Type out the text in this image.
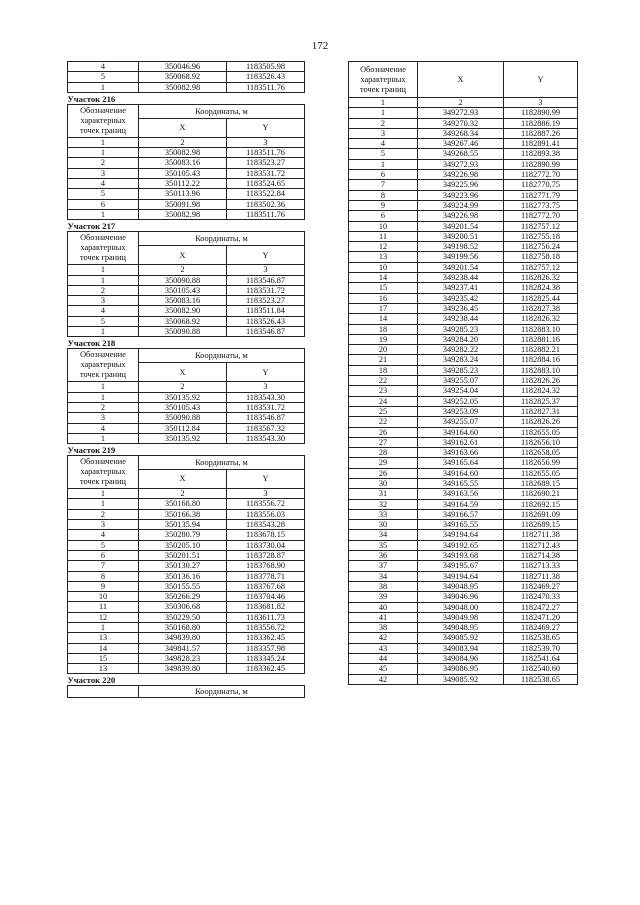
172
4	350046.96	1183505.98
5	350068.92	1183526.43
1	350082.98	1183511.76
Участок 216		
Обозначение характерных точек границ	Координаты, м	
	X	Y
1	2	3
1	350082.98	1183511.76
2	350083.16	1183523.27
3	350105.43	1183531.72
4	350112.22	1183524.65
5	350113.96	1183522.84
6	350091.98	1183502.36
1	350082.98	1183511.76
Участок 217		
Обозначение характерных точек границ	Координаты, м	
	X	Y
1	2	3
1	350090.88	1183546.87
2	350105.43	1183531.72
3	350083.16	1183523.27
4	350082.90	1183511.84
5	350068.92	1183526.43
1	350090.88	1183546.87
Участок 218		
Обозначение характерных точек границ	Координаты, м	
	X	Y
1	2	3
1	350135.92	1183543.30
2	350105.43	1183531.72
3	350090.88	1183546.87
4	350112.84	1183567.32
1	350135.92	1183543.30
Участок 219		
Обозначение характерных точек границ	Координаты, м	
	X	Y
1	2	3
1	350168.80	1183556.72
2	350166.38	1183556.03
3	350135.94	1183543.28
4	350280.79	1183678.15
5	350205.10	1183730.04
6	350201.51	1183728.87
7	350130.27	1183768.90
8	350136.16	1183778.71
9	350155.55	1183767.68
10	350266.29	1183704.46
11	350306.68	1183681.82
12	350229.50	1183611.73
1	350168.80	1183556.72
13	349839.80	1183362.45
14	349841.57	1183357.98
15	349828.23	1183345.24
13	349839.80	1183362.45
Участок 220		
	Координаты, м	
Обозначение характерных точек границ	X	Y
1	2	3
1	349272.93	1182890.99
2	349270.32	1182886.19
3	349268.34	1182887.26
4	349267.46	1182891.41
5	349268.55	1182893.38
1	349272.93	1182890.99
6	349226.98	1182772.70
7	349225.96	1182770.75
8	349223.96	1182771.79
9	349224.99	1182773.75
6	349226.98	1182772.70
10	349201.54	1182757.12
11	349200.51	1182755.18
12	349198.52	1182756.24
13	349199.56	1182758.18
10	349201.54	1182757.12
14	349238.44	1182826.32
15	349237.41	1182824.38
16	349235.42	1182825.44
17	349236.45	1182827.38
14	349238.44	1182826.32
18	349285.23	1182883.10
19	349284.20	1182881.16
20	349282.22	1182882.21
21	349283.24	1182884.16
18	349285.23	1182883.10
22	349255.07	1182826.26
23	349254.04	1182824.32
24	349252.05	1182825.37
25	349253.09	1182827.31
22	349255.07	1182826.26
26	349164.60	1182655.05
27	349162.61	1182656.10
28	349163.66	1182658.05
29	349165.64	1182656.99
26	349164.60	1182655.05
30	349165.55	1182689.15
31	349163.56	1182690.21
32	349164.59	1182692.15
33	349166.57	1182691.09
30	349165.55	1182689.15
34	349194.64	1182711.38
35	349192.65	1182712.43
36	349193.68	1182714.38
37	349195.67	1182713.33
34	349194.64	1182711.38
38	349048.95	1182469.27
39	349046.96	1182470.33
40	349048.00	1182472.27
41	349049.98	1182471.20
38	349048.95	1182469.27
42	349085.92	1182538.65
43	349083.94	1182539.70
44	349084.96	1182541.64
45	349086.95	1182540.60
42	349085.92	1182538.65
